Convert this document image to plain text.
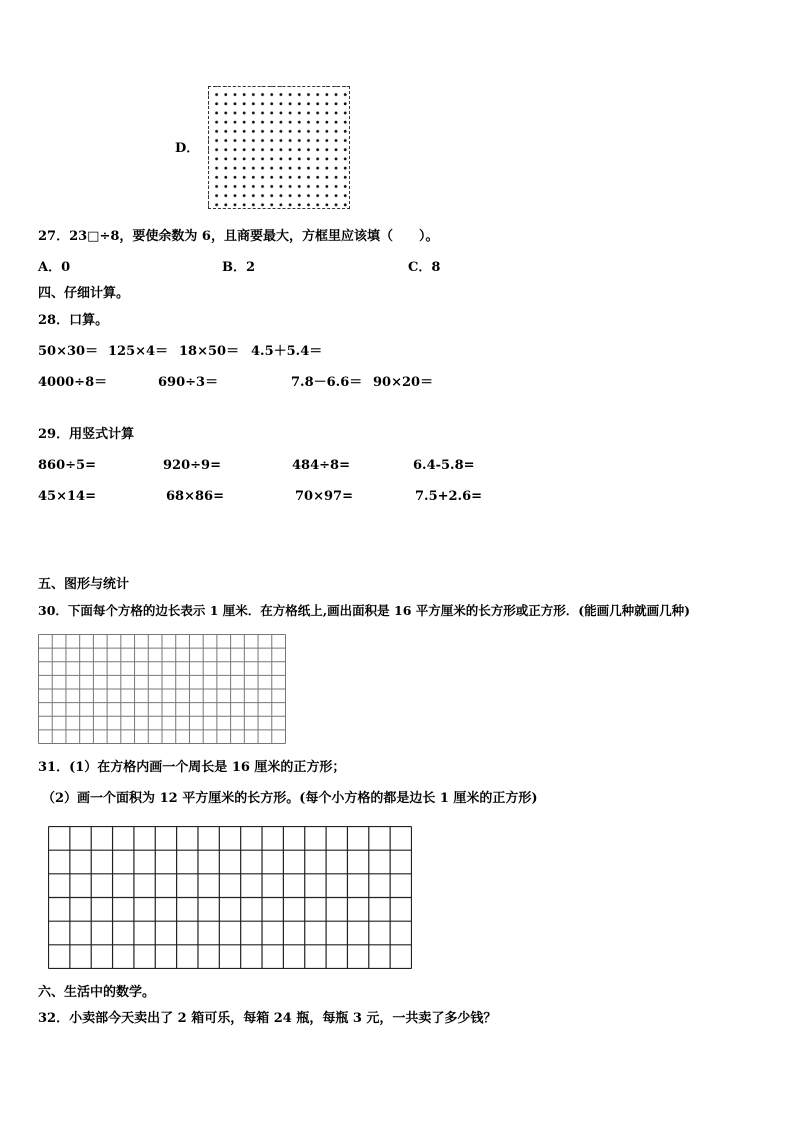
D．
27．23□÷8，要使余数为 6，且商要最大，方框里应该填（　　）。
A．0	B．2	C．8
四、仔细计算。
28．口算。
50×30＝ 125×4＝ 18×50＝ 4.5＋5.4＝
4000÷8＝	690÷3＝	7.8－6.6＝ 90×20＝
29．用竖式计算
860÷5=	920÷9=	484÷8=	6.4-5.8=
45×14=	68×86=	70×97=	7.5+2.6=
五、图形与统计
30．下面每个方格的边长表示 1 厘米．在方格纸上,画出面积是 16 平方厘米的长方形或正方形．(能画几种就画几种)
31．(1）在方格内画一个周长是 16 厘米的正方形；
（2）画一个面积为 12 平方厘米的长方形。(每个小方格的都是边长 1 厘米的正方形)
六、生活中的数学。
32．小卖部今天卖出了 2 箱可乐，每箱 24 瓶，每瓶 3 元，一共卖了多少钱？
